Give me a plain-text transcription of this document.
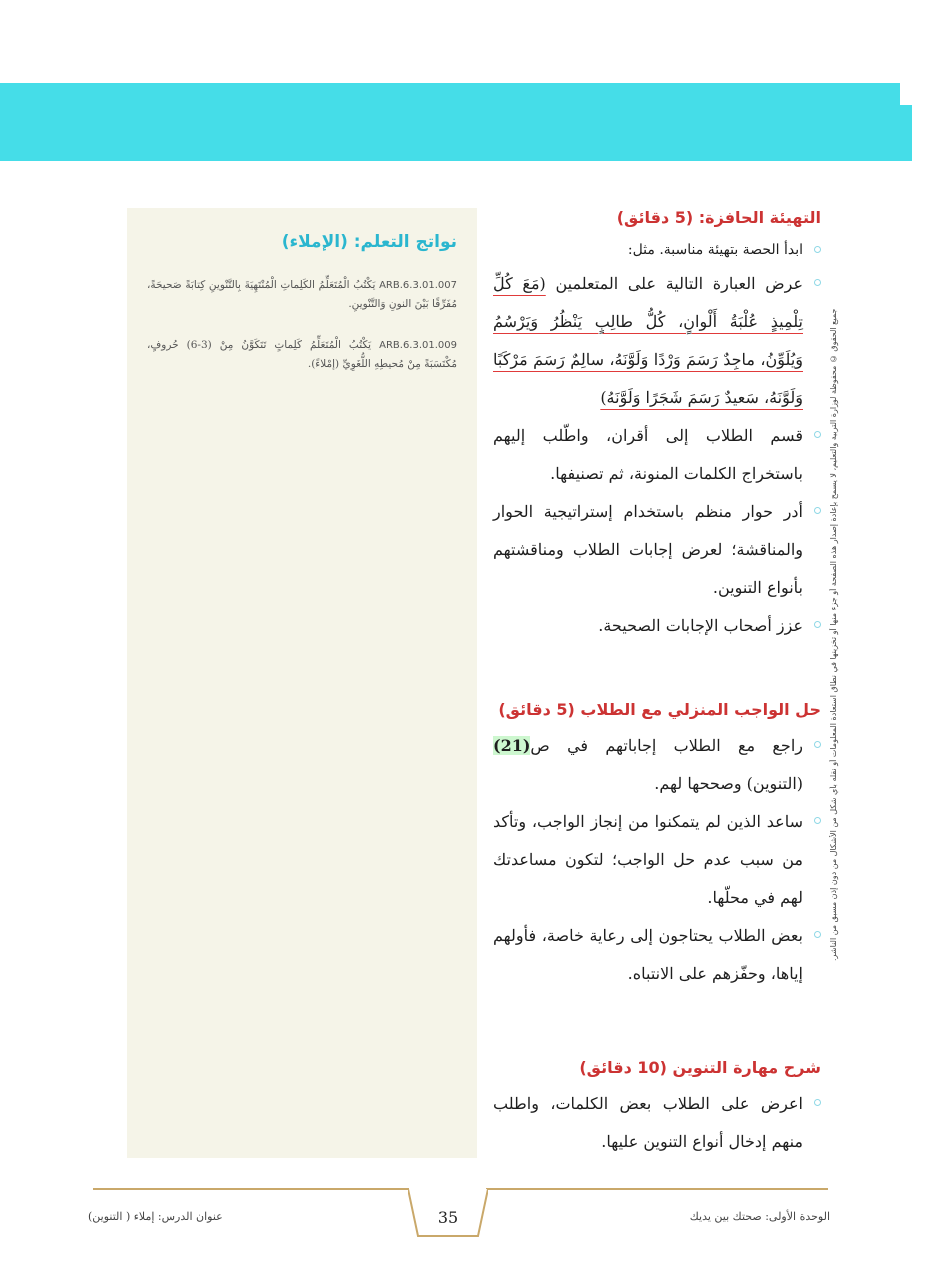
نواتج التعلم: (الإملاء)

ARB.6.3.01.007 يَكْتُبُ الْمُتَعَلِّمُ الكَلِماتِ الْمُنْتَهِيَةَ بِالتَّنْوينِ كِتابَةً صَحيحَةً، مُفَرِّقًا بَيْنَ النونِ وَالتَّنْوينِ.

ARB.6.3.01.009 يَكْتُبُ الْمُتَعَلِّمُ كَلِماتٍ تَتَكَوَّنُ مِنْ (3-6) حُروفٍ، مُكْتَسَبَةً مِنْ مُحيطِهِ اللُّغَوِيِّ (إمْلاءً).

التهيئة الحافزة: (5 دقائق)
ابدأ الحصة بتهيئة مناسبة. مثل:
عرض العبارة التالية على المتعلمين (مَعَ كُلِّ تِلْمِيذٍ عُلْبَةُ أَلْوانٍ، كُلُّ طالِبٍ يَنْظُرُ وَيَرْسُمُ وَيُلَوِّنُ، ماجِدٌ رَسَمَ وَرْدًا وَلَوَّنَهُ، سالِمٌ رَسَمَ مَرْكَبًا وَلَوَّنَهُ، سَعيدٌ رَسَمَ شَجَرًا وَلَوَّنَهُ)
قسم الطلاب إلى أقران، واطّلب إليهم باستخراج الكلمات المنونة، ثم تصنيفها.
أدر حوار منظم باستخدام إستراتيجية الحوار والمناقشة؛ لعرض إجابات الطلاب ومناقشتهم بأنواع التنوين.
عزز أصحاب الإجابات الصحيحة.
حل الواجب المنزلي مع الطلاب (5 دقائق)
راجع مع الطلاب إجاباتهم في ص(21) (التنوين) وصححها لهم.
ساعد الذين لم يتمكنوا من إنجاز الواجب، وتأكد من سبب عدم حل الواجب؛ لتكون مساعدتك لهم في محلّها.
بعض الطلاب يحتاجون إلى رعاية خاصة، فأولهم إياها، وحفّزهم على الانتباه.
شرح مهارة التنوين (10 دقائق)
اعرض على الطلاب بعض الكلمات، واطلب منهم إدخال أنواع التنوين عليها.
جميع الحقوق © محفوظة لوزارة التربية والتعليم، لا يسمح بإعادة إصدار هذه الصفحة أو جزء منها أو تخزينها في نطاق استعادة المعلومات أو نقله بأي شكل من الأشكال من دون إذن مسبق من الناشر.
35
عنوان الدرس: إملاء ( التنوين)	الوحدة الأولى: صحتك بين يديك
